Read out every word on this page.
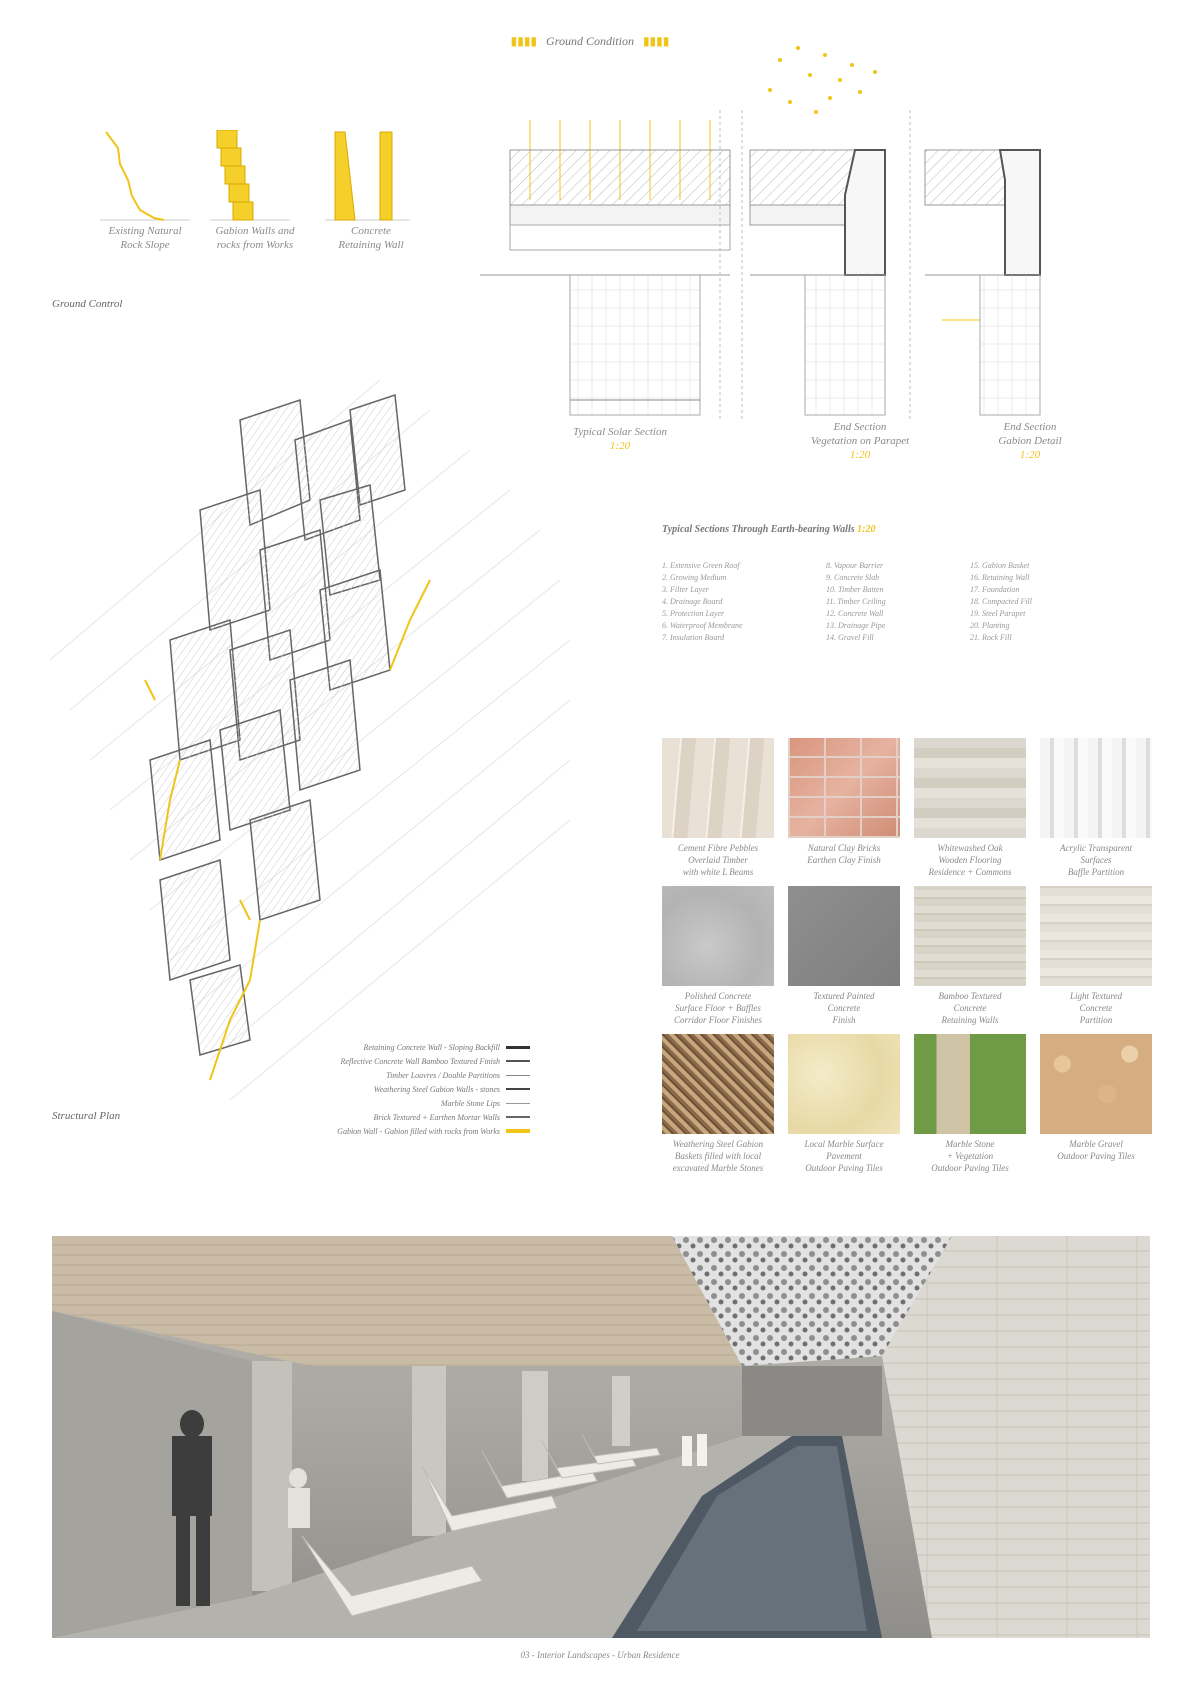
▮▮▮▮ Ground Condition ▮▮▮▮
Existing Natural
Rock Slope
Gabion Walls and
rocks from Works
Concrete
Retaining Wall
Ground Control
Typical Solar Section
1:20
End Section
Vegetation on Parapet
1:20
End Section
Gabion Detail
1:20
Typical Sections Through Earth-bearing Walls 1:20
1. Extensive Green Roof
2. Growing Medium
3. Filter Layer
4. Drainage Board
5. Protection Layer
6. Waterproof Membrane
7. Insulation Board
8. Vapour Barrier
9. Concrete Slab
10. Timber Batten
11. Timber Ceiling
12. Concrete Wall
13. Drainage Pipe
14. Gravel Fill
15. Gabion Basket
16. Retaining Wall
17. Foundation
18. Compacted Fill
19. Steel Parapet
20. Planting
21. Rock Fill
Retaining Concrete Wall - Sloping Backfill
Reflective Concrete Wall Bamboo Textured Finish
Timber Louvres / Double Partitions
Weathering Steel Gabion Walls - stones
Marble Stone Lips
Brick Textured + Earthen Mortar Walls
Gabion Wall - Gabion filled with rocks from Works
Structural Plan
Cement Fibre Pebbles
Overlaid Timber
with white L Beams
Natural Clay Bricks
Earthen Clay Finish
Whitewashed Oak
Wooden Flooring
Residence + Commons
Acrylic Transparent
Surfaces
Baffle Partition
Polished Concrete
Surface Floor + Baffles
Corridor Floor Finishes
Textured Painted
Concrete
Finish
Bamboo Textured
Concrete
Retaining Walls
Light Textured
Concrete
Partition
Weathering Steel Gabion
Baskets filled with local
excavated Marble Stones
Local Marble Surface
Pavement
Outdoor Paving Tiles
Marble Stone
+ Vegetation
Outdoor Paving Tiles
Marble Gravel
Outdoor Paving Tiles
03 - Interior Landscapes - Urban Residence
